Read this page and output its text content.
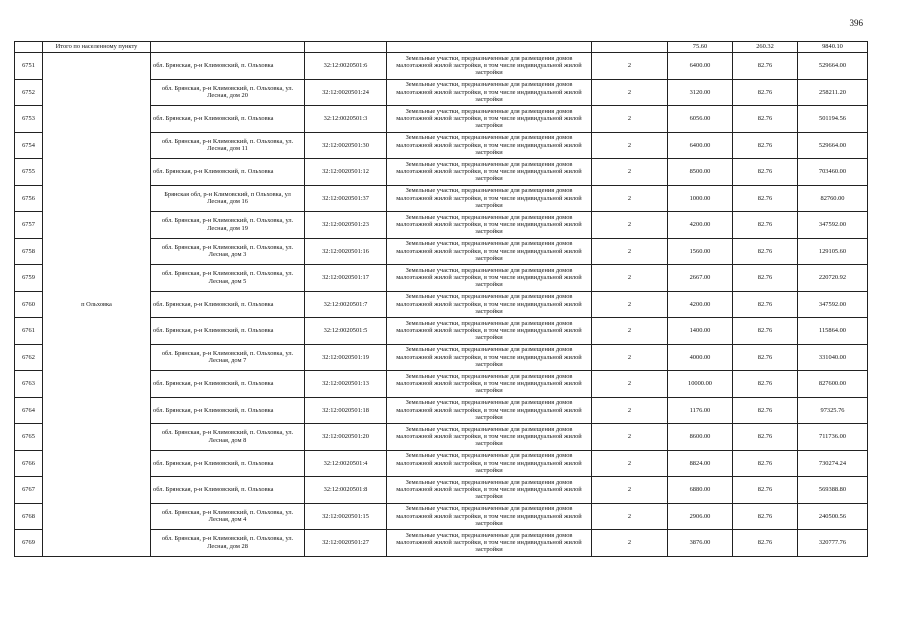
396
	Итого по населенному пункту					75.60	260.32	9840.10
6751	п Ольховка	обл. Брянская, р-н Климовский, п. Ольховка	32:12:0020501:6	Земельные участки, предназначенные для размещения домов малоэтажной жилой застройки, в том числе индивидуальной жилой застройки	2	6400.00	82.76	529664.00
6752		обл. Брянская, р-н Климовский, п. Ольховка, ул. Лесная, дом 20	32:12:0020501:24	Земельные участки, предназначенные для размещения домов малоэтажной жилой застройки, в том числе индивидуальной жилой застройки	2	3120.00	82.76	258211.20
6753		обл. Брянская, р-н Климовский, п. Ольховка	32:12:0020501:3	Земельные участки, предназначенные для размещения домов малоэтажной жилой застройки, в том числе индивидуальной жилой застройки	2	6056.00	82.76	501194.56
6754		обл. Брянская, р-н Климовский, п. Ольховка, ул. Лесная, дом 11	32:12:0020501:30	Земельные участки, предназначенные для размещения домов малоэтажной жилой застройки, в том числе индивидуальной жилой застройки	2	6400.00	82.76	529664.00
6755		обл. Брянская, р-н Климовский, п. Ольховка	32:12:0020501:12	Земельные участки, предназначенные для размещения домов малоэтажной жилой застройки, в том числе индивидуальной жилой застройки	2	8500.00	82.76	703460.00
6756		Брянская обл, р-н Климовский, п Ольховка, ул Лесная, дом 16	32:12:0020501:37	Земельные участки, предназначенные для размещения домов малоэтажной жилой застройки, в том числе индивидуальной жилой застройки	2	1000.00	82.76	82760.00
6757		обл. Брянская, р-н Климовский, п. Ольховка, ул. Лесная, дом 19	32:12:0020501:23	Земельные участки, предназначенные для размещения домов малоэтажной жилой застройки, в том числе индивидуальной жилой застройки	2	4200.00	82.76	347592.00
6758		обл. Брянская, р-н Климовский, п. Ольховка, ул. Лесная, дом 3	32:12:0020501:16	Земельные участки, предназначенные для размещения домов малоэтажной жилой застройки, в том числе индивидуальной жилой застройки	2	1560.00	82.76	129105.60
6759		обл. Брянская, р-н Климовский, п. Ольховка, ул. Лесная, дом 5	32:12:0020501:17	Земельные участки, предназначенные для размещения домов малоэтажной жилой застройки, в том числе индивидуальной жилой застройки	2	2667.00	82.76	220720.92
6760		обл. Брянская, р-н Климовский, п. Ольховка	32:12:0020501:7	Земельные участки, предназначенные для размещения домов малоэтажной жилой застройки, в том числе индивидуальной жилой застройки	2	4200.00	82.76	347592.00
6761		обл. Брянская, р-н Климовский, п. Ольховка	32:12:0020501:5	Земельные участки, предназначенные для размещения домов малоэтажной жилой застройки, в том числе индивидуальной жилой застройки	2	1400.00	82.76	115864.00
6762		обл. Брянская, р-н Климовский, п. Ольховка, ул. Лесная, дом 7	32:12:0020501:19	Земельные участки, предназначенные для размещения домов малоэтажной жилой застройки, в том числе индивидуальной жилой застройки	2	4000.00	82.76	331040.00
6763		обл. Брянская, р-н Климовский, п. Ольховка	32:12:0020501:13	Земельные участки, предназначенные для размещения домов малоэтажной жилой застройки, в том числе индивидуальной жилой застройки	2	10000.00	82.76	827600.00
6764		обл. Брянская, р-н Климовский, п. Ольховка	32:12:0020501:18	Земельные участки, предназначенные для размещения домов малоэтажной жилой застройки, в том числе индивидуальной жилой застройки	2	1176.00	82.76	97325.76
6765		обл. Брянская, р-н Климовский, п. Ольховка, ул. Лесная, дом 8	32:12:0020501:20	Земельные участки, предназначенные для размещения домов малоэтажной жилой застройки, в том числе индивидуальной жилой застройки	2	8600.00	82.76	711736.00
6766		обл. Брянская, р-н Климовский, п. Ольховка	32:12:0020501:4	Земельные участки, предназначенные для размещения домов малоэтажной жилой застройки, в том числе индивидуальной жилой застройки	2	8824.00	82.76	730274.24
6767		обл. Брянская, р-н Климовский, п. Ольховка	32:12:0020501:8	Земельные участки, предназначенные для размещения домов малоэтажной жилой застройки, в том числе индивидуальной жилой застройки	2	6880.00	82.76	569388.80
6768		обл. Брянская, р-н Климовский, п. Ольховка, ул. Лесная, дом 4	32:12:0020501:15	Земельные участки, предназначенные для размещения домов малоэтажной жилой застройки, в том числе индивидуальной жилой застройки	2	2906.00	82.76	240500.56
6769		обл. Брянская, р-н Климовский, п. Ольховка, ул. Лесная, дом 28	32:12:0020501:27	Земельные участки, предназначенные для размещения домов малоэтажной жилой застройки, в том числе индивидуальной жилой застройки	2	3876.00	82.76	320777.76
